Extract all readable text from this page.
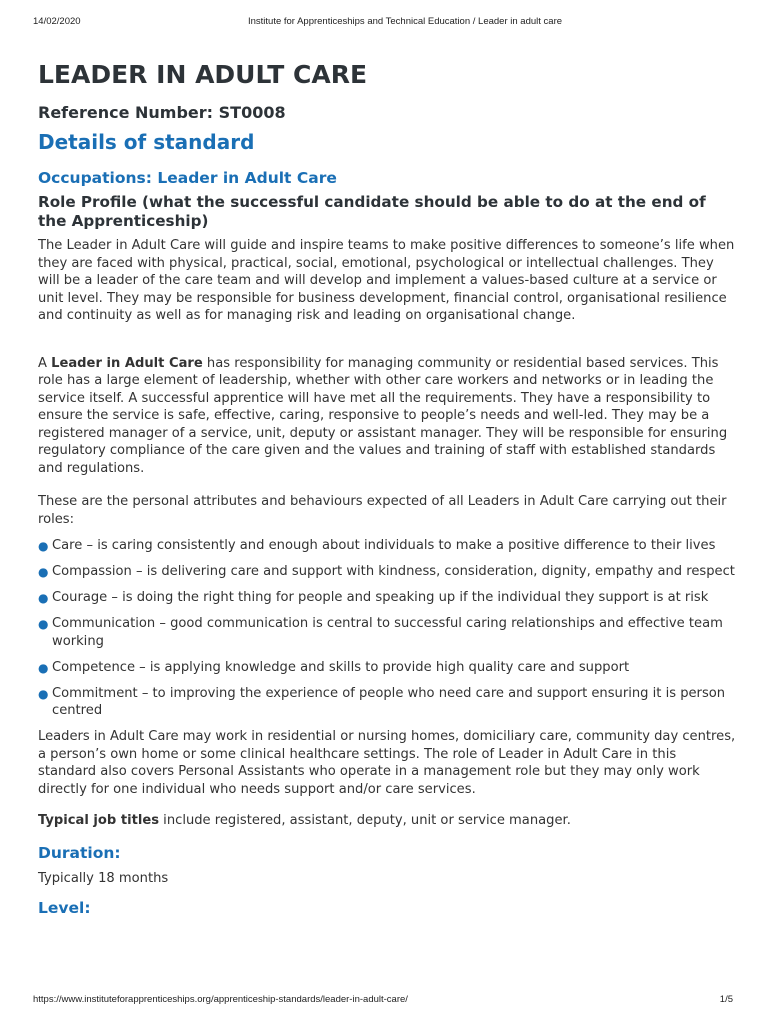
14/02/2020	Institute for Apprenticeships and Technical Education / Leader in adult care
LEADER IN ADULT CARE
Reference Number: ST0008
Details of standard
Occupations: Leader in Adult Care
Role Profile (what the successful candidate should be able to do at the end of the Apprenticeship)

The Leader in Adult Care will guide and inspire teams to make positive differences to someone’s life when they are faced with physical, practical, social, emotional, psychological or intellectual challenges. They will be a leader of the care team and will develop and implement a values-based culture at a service or unit level. They may be responsible for business development, financial control, organisational resilience and continuity as well as for managing risk and leading on organisational change.

A Leader in Adult Care has responsibility for managing community or residential based services. This role has a large element of leadership, whether with other care workers and networks or in leading the service itself. A successful apprentice will have met all the requirements. They have a responsibility to ensure the service is safe, effective, caring, responsive to people’s needs and well-led. They may be a registered manager of a service, unit, deputy or assistant manager. They will be responsible for ensuring regulatory compliance of the care given and the values and training of staff with established standards and regulations.

These are the personal attributes and behaviours expected of all Leaders in Adult Care carrying out their roles:

● Care – is caring consistently and enough about individuals to make a positive difference to their lives
● Compassion – is delivering care and support with kindness, consideration, dignity, empathy and respect
● Courage – is doing the right thing for people and speaking up if the individual they support is at risk
● Communication – good communication is central to successful caring relationships and effective team working
● Competence – is applying knowledge and skills to provide high quality care and support
● Commitment – to improving the experience of people who need care and support ensuring it is person centred

Leaders in Adult Care may work in residential or nursing homes, domiciliary care, community day centres, a person’s own home or some clinical healthcare settings. The role of Leader in Adult Care in this standard also covers Personal Assistants who operate in a management role but they may only work directly for one individual who needs support and/or care services.

Typical job titles include registered, assistant, deputy, unit or service manager.

Duration:

Typically 18 months

Level:
https://www.instituteforapprenticeships.org/apprenticeship-standards/leader-in-adult-care/	1/5
